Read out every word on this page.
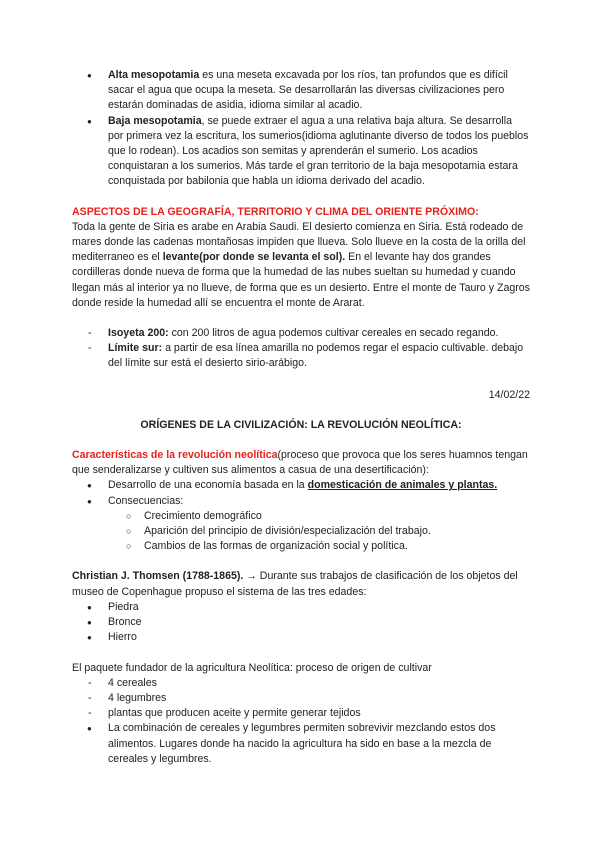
● Alta mesopotamia es una meseta excavada por los ríos, tan profundos que es difícil sacar el agua que ocupa la meseta. Se desarrollarán las diversas civilizaciones pero estarán dominadas de asidia, idioma similar al acadio.
● Baja mesopotamia, se puede extraer el agua a una relativa baja altura. Se desarrolla por primera vez la escritura, los sumerios(idioma aglutinante diverso de todos los pueblos que lo rodean). Los acadios son semitas y aprenderán el sumerio. Los acadios conquistaran a los sumerios. Más tarde el gran territorio de la baja mesopotamia estara conquistada por babilonia que habla un idioma derivado del acadio.

ASPECTOS DE LA GEOGRAFÍA, TERRITORIO Y CLIMA DEL ORIENTE PRÓXIMO:

Toda la gente de Siria es arabe en Arabia Saudi. El desierto comienza en Siria. Está rodeado de mares donde las cadenas montañosas impiden que llueva. Solo llueve en la costa de la orilla del mediterraneo es el levante(por donde se levanta el sol). En el levante hay dos grandes cordilleras donde nueva de forma que la humedad de las nubes sueltan su humedad y cuando llegan más al interior ya no llueve, de forma que es un desierto. Entre el monte de Tauro y Zagros donde reside la humedad allí se encuentra el monte de Ararat.

- Isoyeta 200: con 200 litros de agua podemos cultivar cereales en secado regando.
- Límite sur: a partir de esa línea amarilla no podemos regar el espacio cultivable. debajo del límite sur está el desierto sirio-arábigo.

14/02/22

ORÍGENES DE LA CIVILIZACIÓN: LA REVOLUCIÓN NEOLÍTICA:

Características de la revolución neolítica(proceso que provoca que los seres huamnos tengan que senderalizarse y cultiven sus alimentos a casua de una desertificación):

● Desarrollo de una economía basada en la domesticación de animales y plantas.
● Consecuencias:
○ Crecimiento demográfico
○ Aparición del principio de división/especialización del trabajo.
○ Cambios de las formas de organización social y política.

Christian J. Thomsen (1788-1865). → Durante sus trabajos de clasificación de los objetos del museo de Copenhague propuso el sistema de las tres edades:

● Piedra
● Bronce
● Hierro

El paquete fundador de la agricultura Neolítica: proceso de origen de cultivar

- 4 cereales
- 4 legumbres
- plantas que producen aceite y permite generar tejidos
● La combinación de cereales y legumbres permiten sobrevivir mezclando estos dos alimentos. Lugares donde ha nacido la agricultura ha sido en base a la mezcla de cereales y legumbres.
